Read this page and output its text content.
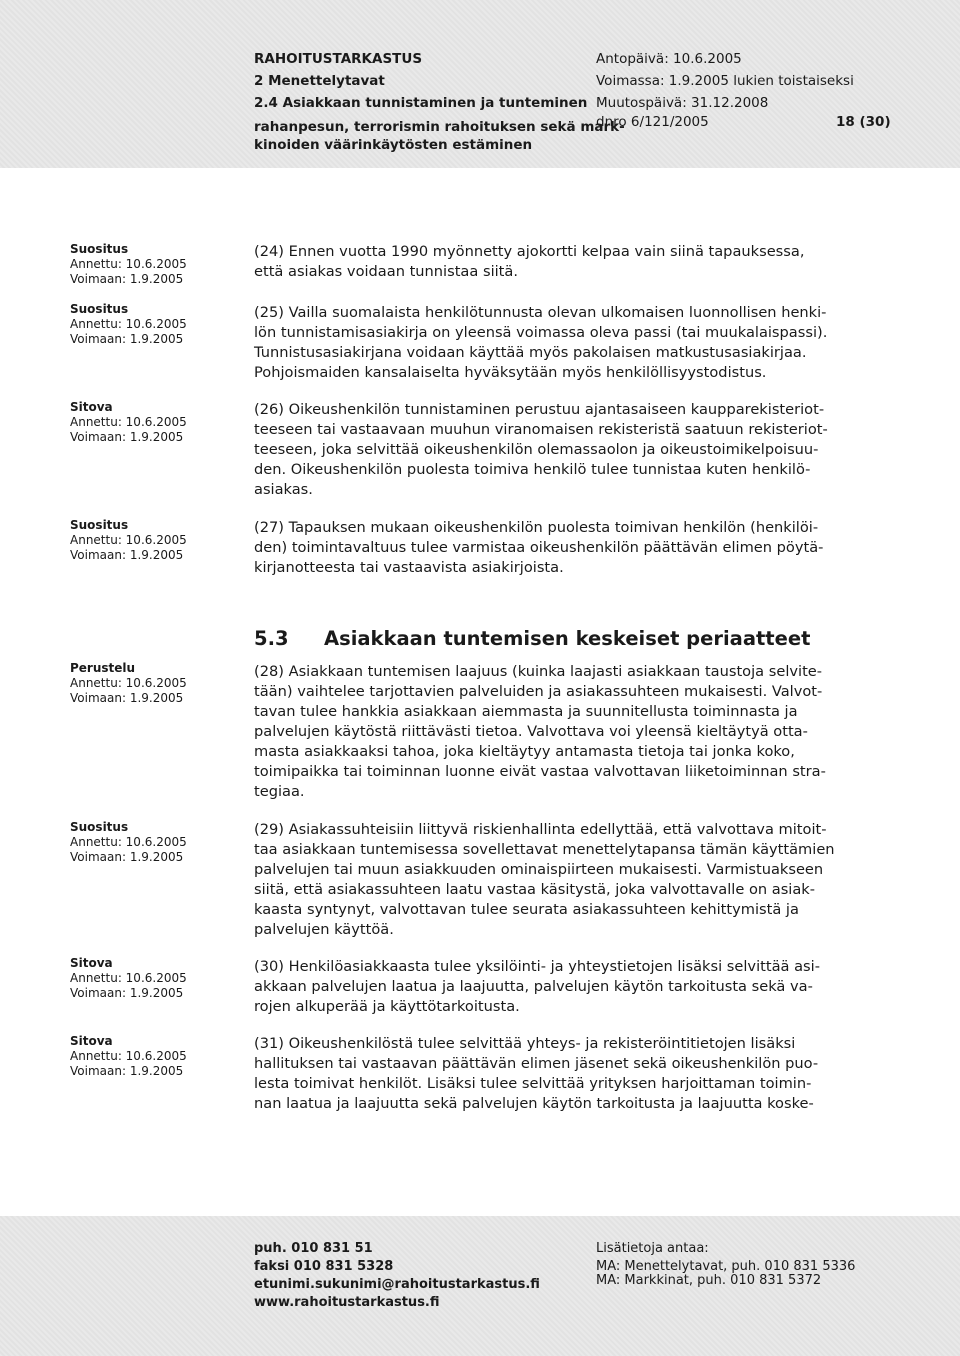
RAHOITUSTARKASTUS
2 Menettelytavat
2.4 Asiakkaan tunnistaminen ja tunteminen
rahanpesun, terrorismin rahoituksen sekä mark-
kinoiden väärinkäytösten estäminen
Antopäivä: 10.6.2005
Voimassa: 1.9.2005 lukien toistaiseksi
Muutospäivä: 31.12.2008
dnro 6/121/2005	18 (30)
Suositus
Annettu: 10.6.2005
Voimaan: 1.9.2005
Suositus
Annettu: 10.6.2005
Voimaan: 1.9.2005
Sitova
Annettu: 10.6.2005
Voimaan: 1.9.2005
Suositus
Annettu: 10.6.2005
Voimaan: 1.9.2005
Perustelu
Annettu: 10.6.2005
Voimaan: 1.9.2005
Suositus
Annettu: 10.6.2005
Voimaan: 1.9.2005
Sitova
Annettu: 10.6.2005
Voimaan: 1.9.2005
Sitova
Annettu: 10.6.2005
Voimaan: 1.9.2005
(24) Ennen vuotta 1990 myönnetty ajokortti kelpaa vain siinä tapauksessa,
että asiakas voidaan tunnistaa siitä.
(25) Vailla suomalaista henkilötunnusta olevan ulkomaisen luonnollisen henki-
lön tunnistamisasiakirja on yleensä voimassa oleva passi (tai muukalaispassi).
Tunnistusasiakirjana voidaan käyttää myös pakolaisen matkustusasiakirjaa.
Pohjoismaiden kansalaiselta hyväksytään myös henkilöllisyystodistus.
(26) Oikeushenkilön tunnistaminen perustuu ajantasaiseen kaupparekisteriot-
teeseen tai vastaavaan muuhun viranomaisen rekisteristä saatuun rekisteriot-
teeseen, joka selvittää oikeushenkilön olemassaolon ja oikeustoimikelpoisuu-
den. Oikeushenkilön puolesta toimiva henkilö tulee tunnistaa kuten henkilö-
asiakas.
(27) Tapauksen mukaan oikeushenkilön puolesta toimivan henkilön (henkilöi-
den) toimintavaltuus tulee varmistaa oikeushenkilön päättävän elimen pöytä-
kirjanotteesta tai vastaavista asiakirjoista.
5.3 Asiakkaan tuntemisen keskeiset periaatteet
(28) Asiakkaan tuntemisen laajuus (kuinka laajasti asiakkaan taustoja selvite-
tään) vaihtelee tarjottavien palveluiden ja asiakassuhteen mukaisesti. Valvot-
tavan tulee hankkia asiakkaan aiemmasta ja suunnitellusta toiminnasta ja
palvelujen käytöstä riittävästi tietoa. Valvottava voi yleensä kieltäytyä otta-
masta asiakkaaksi tahoa, joka kieltäytyy antamasta tietoja tai jonka koko,
toimipaikka tai toiminnan luonne eivät vastaa valvottavan liiketoiminnan stra-
tegiaa.
(29) Asiakassuhteisiin liittyvä riskienhallinta edellyttää, että valvottava mitoit-
taa asiakkaan tuntemisessa sovellettavat menettelytapansa tämän käyttämien
palvelujen tai muun asiakkuuden ominaispiirteen mukaisesti. Varmistuakseen
siitä, että asiakassuhteen laatu vastaa käsitystä, joka valvottavalle on asiak-
kaasta syntynyt, valvottavan tulee seurata asiakassuhteen kehittymistä ja
palvelujen käyttöä.
(30) Henkilöasiakkaasta tulee yksilöinti- ja yhteystietojen lisäksi selvittää asi-
akkaan palvelujen laatua ja laajuutta, palvelujen käytön tarkoitusta sekä va-
rojen alkuperää ja käyttötarkoitusta.
(31) Oikeushenkilöstä tulee selvittää yhteys- ja rekisteröintitietojen lisäksi
hallituksen tai vastaavan päättävän elimen jäsenet sekä oikeushenkilön puo-
lesta toimivat henkilöt. Lisäksi tulee selvittää yrityksen harjoittaman toimin-
nan laatua ja laajuutta sekä palvelujen käytön tarkoitusta ja laajuutta koske-
puh. 010 831 51
faksi 010 831 5328
etunimi.sukunimi@rahoitustarkastus.fi
www.rahoitustarkastus.fi
Lisätietoja antaa:
MA: Menettelytavat, puh. 010 831 5336
MA: Markkinat, puh. 010 831 5372
